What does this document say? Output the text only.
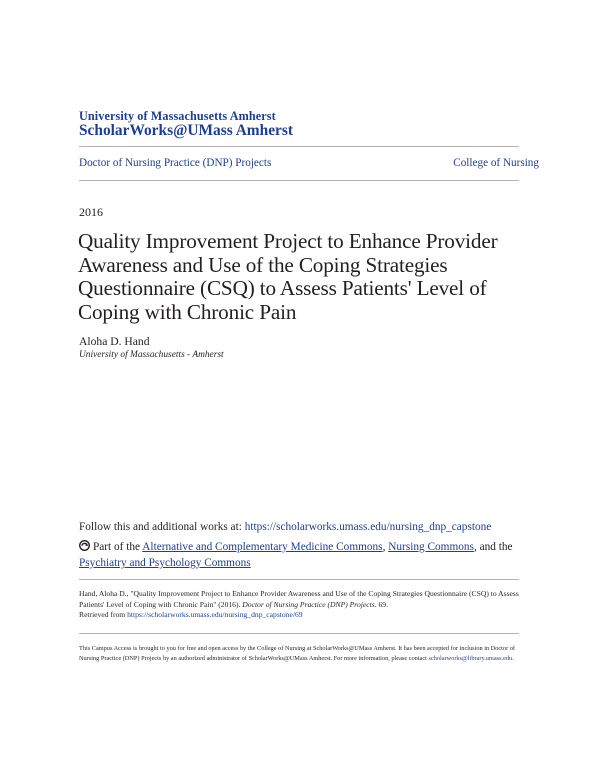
University of Massachusetts Amherst
ScholarWorks@UMass Amherst
Doctor of Nursing Practice (DNP) Projects	College of Nursing
2016
Quality Improvement Project to Enhance Provider Awareness and Use of the Coping Strategies Questionnaire (CSQ) to Assess Patients' Level of Coping with Chronic Pain
Aloha D. Hand
University of Massachusetts - Amherst
Follow this and additional works at: https://scholarworks.umass.edu/nursing_dnp_capstone
Part of the Alternative and Complementary Medicine Commons, Nursing Commons, and the
Psychiatry and Psychology Commons
Hand, Aloha D., "Quality Improvement Project to Enhance Provider Awareness and Use of the Coping Strategies Questionnaire (CSQ) to Assess Patients' Level of Coping with Chronic Pain" (2016). Doctor of Nursing Practice (DNP) Projects. 69.
Retrieved from https://scholarworks.umass.edu/nursing_dnp_capstone/69
This Campus Access is brought to you for free and open access by the College of Nursing at ScholarWorks@UMass Amherst. It has been accepted for inclusion in Doctor of Nursing Practice (DNP) Projects by an authorized administrator of ScholarWorks@UMass Amherst. For more information, please contact scholarworks@library.umass.edu.
